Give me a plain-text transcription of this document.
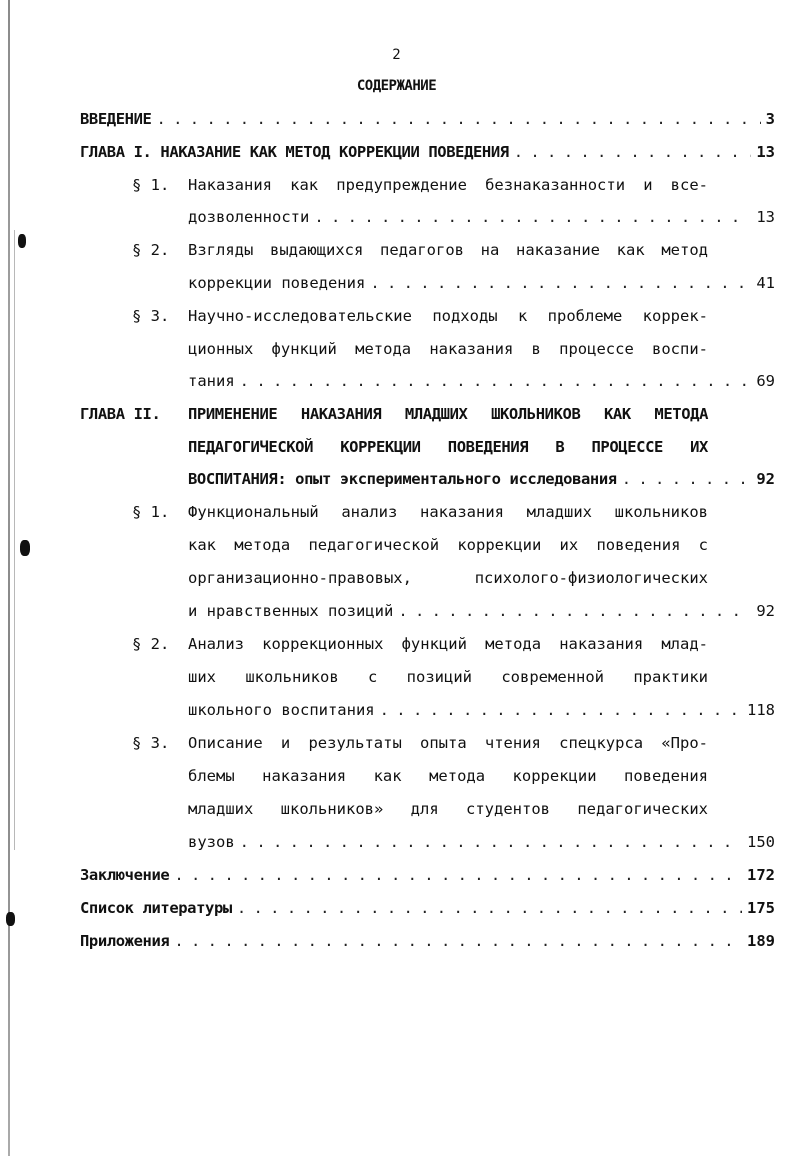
2
СОДЕРЖАНИЕ
ВВЕДЕНИЕ . . .	3
ГЛАВА I. НАКАЗАНИЕ КАК МЕТОД КОРРЕКЦИИ ПОВЕДЕНИЯ . . .	13
§ 1. Наказания как предупреждение безнаказанности и все-
дозволенности . . .	13
§ 2. Взгляды выдающихся педагогов на наказание как метод
коррекции поведения . . .	41
§ 3. Научно-исследовательские подходы к проблеме коррек-
ционных функций метода наказания в процессе воспи-
тания . . .	69
ГЛАВА II. ПРИМЕНЕНИЕ НАКАЗАНИЯ МЛАДШИХ ШКОЛЬНИКОВ КАК МЕТОДА
ПЕДАГОГИЧЕСКОЙ КОРРЕКЦИИ ПОВЕДЕНИЯ В ПРОЦЕССЕ ИХ
ВОСПИТАНИЯ: опыт экспериментального исследования . . .	92
§ 1. Функциональный анализ наказания младших школьников
как метода педагогической коррекции их поведения с
организационно-правовых, психолого-физиологических
и нравственных позиций . . .	92
§ 2. Анализ коррекционных функций метода наказания млад-
ших школьников с позиций современной практики
школьного воспитания . . .	118
§ 3. Описание и результаты опыта чтения спецкурса «Про-
блемы наказания как метода коррекции поведения
младших школьников» для студентов педагогических
вузов . . .	150
Заключение . . .	172
Список литературы . . .	175
Приложения . . .	189
